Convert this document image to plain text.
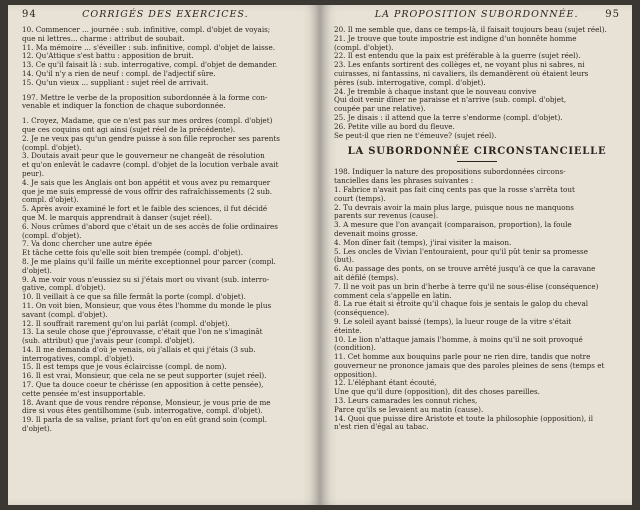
94	CORRIGÉS DES EXERCICES.
10. Commencer ... journée : sub. infinitive, compl. d'objet de voyais;
que ni lettres... charme : attribut de soubait.
11. Ma mémoire ... s'éveiller : sub. infinitive, compl. d'objet de laisse.
12. Qu'Attique s'est battu : apposition de bruit.
13. Ce qu'il faisait là : sub. interrogative, compl. d'objet de demander.
14. Qu'il n'y a rien de neuf : compl. de l'adjectif sûre.
15. Qu'un vieux ... suppliant : sujet réel de arrivait.
197. Mettre le verbe de la proposition subordonnée à la forme con-
venable et indiquer la fonction de chaque subordonnée.
1. Croyez, Madame, que ce n'est pas sur mes ordres (compl. d'objet)
que ces coquins ont agi ainsi (sujet réel de la précédente).
2. Je ne veux pas qu'un gendre puisse à son fille reprocher ses parents
(compl. d'objet).
3. Doutais avait peur que le gouverneur ne changeât de résolution
et qu'on enlevât le cadavre (compl. d'objet de la locution verbale avait
peur).
4. Je sais que les Anglais ont bon appétit et vous avez pu remarquer
que je me suis empressé de vous offrir des rafraîchissements (2 sub.
compl. d'objet).
5. Après avoir examiné le fort et le faible des sciences, il fut décidé
que M. le marquis apprendrait à danser (sujet réel).
6. Nous crûmes d'abord que c'était un de ses accès de folie ordinaires
(compl. d'objet).
7. Va donc chercher une autre épée
Et tâche cette fois qu'elle soit bien trempée (compl. d'objet).
8. Je me plains qu'il faille un mérite exceptionnel pour parcer (compl.
d'objet).
9. A me voir vous n'eussiez su si j'étais mort ou vivant (sub. interro-
gative, compl. d'objet).
10. Il veillait à ce que sa fille fermât la porte (compl. d'objet).
11. On voit bien, Monsieur, que vous êtes l'homme du monde le plus
savant (compl. d'objet).
12. Il souffrait rarement qu'on lui parlât (compl. d'objet).
13. La seule chose que j'éprouvasse, c'était que l'on ne s'imaginât
(sub. attribut) que j'avais peur (compl. d'objet).
14. Il me demanda d'où je venais, où j'allais et qui j'étais (3 sub.
interrogatives, compl. d'objet).
15. Il est temps que je vous éclaircisse (compl. de nom).
16. Il est vrai, Monsieur, que cela ne se peut supporter (sujet réel).
17. Que ta douce coeur te chérisse (en apposition à cette pensée),
cette pensée m'est insupportable.
18. Avant que de vous rendre réponse, Monsieur, je vous prie de me
dire si vous êtes gentilhomme (sub. interrogative, compl. d'objet).
19. Il parla de sa valise, priant fort qu'on en eût grand soin (compl.
d'objet).
LA PROPOSITION SUBORDONNÉE.	95
20. Il me semble que, dans ce temps-là, il faisait toujours beau (sujet réel).
21. Je trouve que toute impostrie est indigne d'un honnête homme
(compl. d'objet).
22. Il est entendu que la paix est préférable à la guerre (sujet réel).
23. Les enfants sortirent des collèges et, ne voyant plus ni sabres, ni
cuirasses, ni fantassins, ni cavaliers, ils demandèrent où étaient leurs
pères (sub. interrogative, compl. d'objet).
24. Je tremble à chaque instant que le nouveau convive
Qui doit venir dîner ne paraisse et n'arrive (sub. compl. d'objet,
coupée par une relative).
25. Je disais : il attend que la terre s'endorme (compl. d'objet).
26. Petite ville au bord du fleuve.
Se peut-il que rien ne t'émeuve? (sujet réel).
LA SUBORDONNÉE CIRCONSTANCIELLE
198. Indiquer la nature des propositions subordonnées circons-
tancielles dans les phrases suivantes :
1. Fabrice n'avait pas fait cinq cents pas que la rosse s'arrêta tout
court (temps).
2. Tu devrais avoir la main plus large, puisque nous ne manquons
parents sur revenus (cause).
3. A mesure que l'on avançait (comparaison, proportion), la foule
devenait moins grosse.
4. Mon dîner fait (temps), j'irai visiter la maison.
5. Les oncles de Vivian l'entouraient, pour qu'il pût tenir sa promesse
(but).
6. Au passage des ponts, on se trouve arrêté jusqu'à ce que la caravane
ait défilé (temps).
7. Il ne voit pas un brin d'herbe à terre qu'il ne sous-élise (conséquence)
comment cela s'appelle en latin.
8. La rue était si étroite qu'il chaque fois je sentais le galop du cheval
(conséquence).
9. Le soleil ayant baissé (temps), la lueur rouge de la vitre s'était
éteinte.
10. Le lion n'attaque jamais l'homme, à moins qu'il ne soit provoqué
(condition).
11. Cet homme aux bouquins parle pour ne rien dire, tandis que notre
gouverneur ne prononce jamais que des paroles pleines de sens (temps et
opposition).
12. L'éléphant étant écouté,
Une que qu'il dure (opposition), dit des choses pareilles.
13. Leurs camarades les connut riches,
Parce qu'ils se levaient au matin (cause).
14. Quoi que puisse dire Aristote et toute la philosophie (opposition), il
n'est rien d'égal au tabac.
